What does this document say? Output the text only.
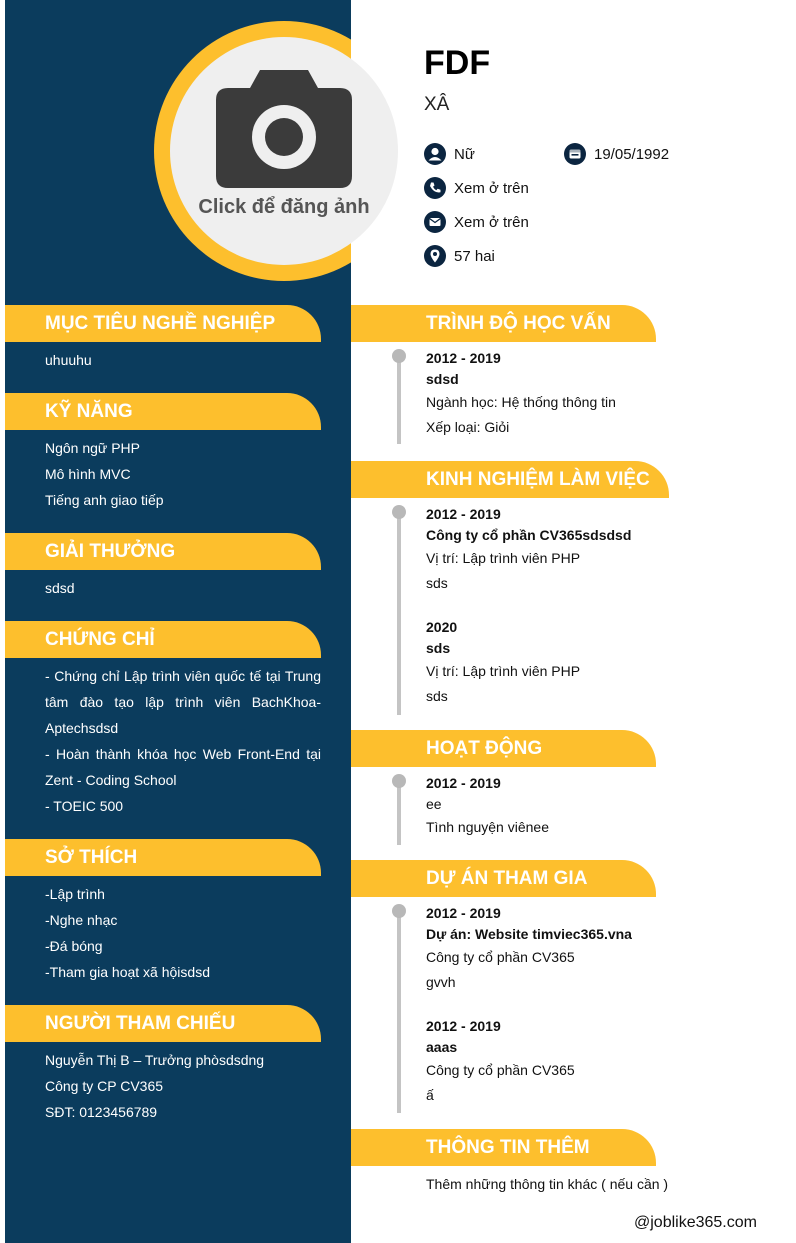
Click để đăng ảnh
FDF
XÂ
Nữ	19/05/1992
Xem ở trên
Xem ở trên
57 hai
MỤC TIÊU NGHỀ NGHIỆP
uhuuhu
KỸ NĂNG
Ngôn ngữ PHP
Mô hình MVC
Tiếng anh giao tiếp
GIẢI THƯỞNG
sdsd
CHỨNG CHỈ
- Chứng chỉ Lập trình viên quốc tế tại Trung tâm đào tạo lập trình viên BachKhoa-Aptechsdsd
- Hoàn thành khóa học Web Front-End tại Zent - Coding School
- TOEIC 500
SỞ THÍCH
-Lập trình
-Nghe nhạc
-Đá bóng
-Tham gia hoạt xã hộisdsd
NGƯỜI THAM CHIẾU
Nguyễn Thị B – Trưởng phòsdsdng
Công ty CP CV365
SĐT: 0123456789
TRÌNH ĐỘ HỌC VẤN
2012 - 2019
sdsd
Ngành học: Hệ thống thông tin
Xếp loại: Giỏi
KINH NGHIỆM LÀM VIỆC
2012 - 2019
Công ty cổ phần CV365sdsdsd
Vị trí: Lập trình viên PHP
sds
2020
sds
Vị trí: Lập trình viên PHP
sds
HOẠT ĐỘNG
2012 - 2019
ee
Tình nguyện viênee
DỰ ÁN THAM GIA
2012 - 2019
Dự án: Website timviec365.vna
Công ty cổ phần CV365
gvvh
2012 - 2019
aaas
Công ty cổ phần CV365
ấ
THÔNG TIN THÊM
Thêm những thông tin khác ( nếu cần )
@joblike365.com
